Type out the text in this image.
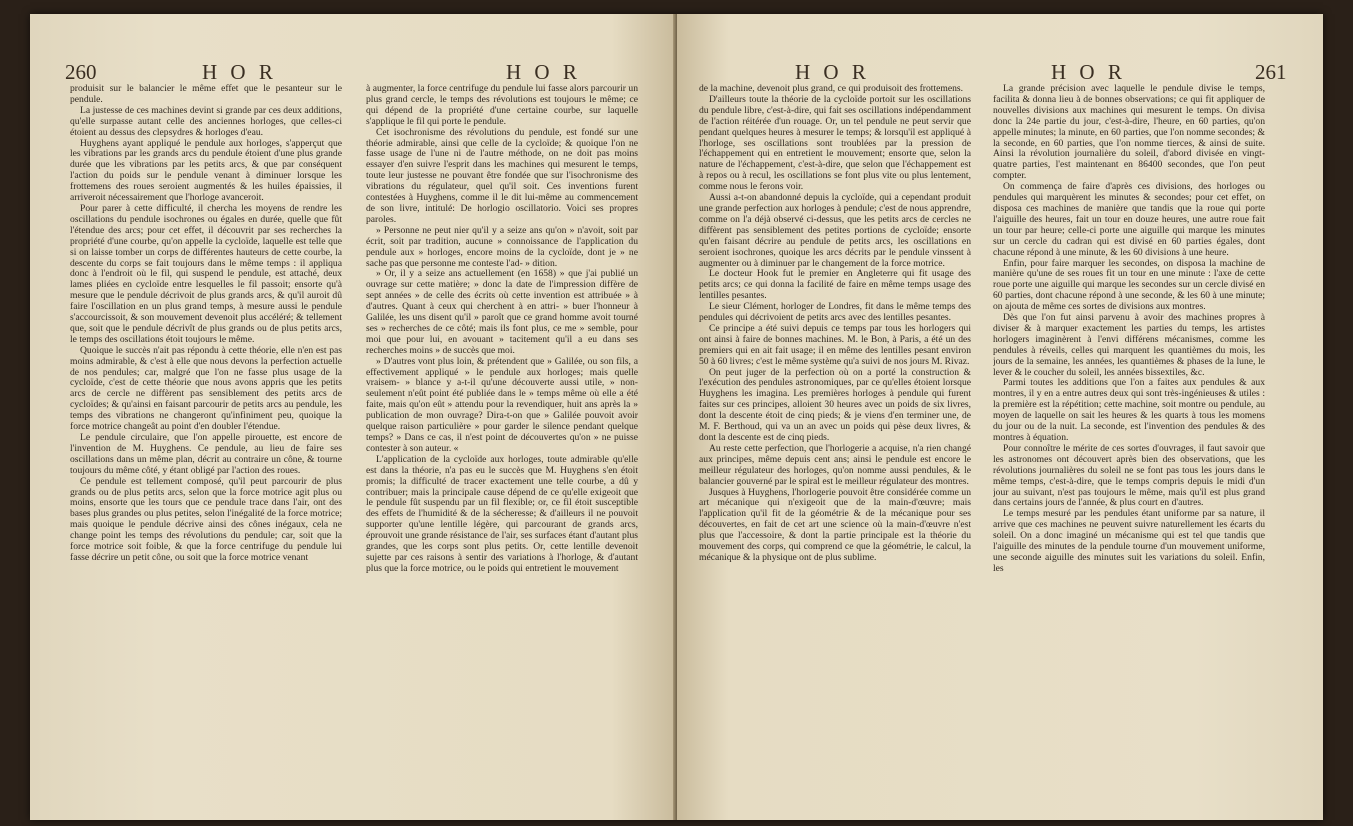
260	H O R	H O R

produisit sur le balancier le même effet que le pesanteur sur le pendule.

La justesse de ces machines devint si grande par ces deux additions, qu'elle surpasse autant celle des anciennes horloges, que celles-ci étoient au dessus des clepsydres & horloges d'eau.

Huyghens ayant appliqué le pendule aux horloges, s'apperçut que les vibrations par les grands arcs du pendule étoient d'une plus grande durée que les vibrations par les petits arcs, & que par conséquent l'action du poids sur le pendule venant à diminuer lorsque les frottemens des roues seroient augmentés & les huiles épaissies, il arriveroit nécessairement que l'horloge avanceroit.

Pour parer à cette difficulté, il chercha les moyens de rendre les oscillations du pendule isochrones ou égales en durée, quelle que fût l'étendue des arcs; pour cet effet, il découvrit par ses recherches la propriété d'une courbe, qu'on appelle la cycloïde, laquelle est telle que si on laisse tomber un corps de différentes hauteurs de cette courbe, la descente du corps se fait toujours dans le même temps : il appliqua donc à l'endroit où le fil, qui suspend le pendule, est attaché, deux lames pliées en cycloïde entre lesquelles le fil passoit; ensorte qu'à mesure que le pendule décrivoit de plus grands arcs, & qu'il auroit dû faire l'oscillation en un plus grand temps, à mesure aussi le pendule s'accourcissoit, & son mouvement devenoit plus accéléré; & tellement que, soit que le pendule décrivît de plus grands ou de plus petits arcs, le temps des oscillations étoit toujours le même.

Quoique le succès n'ait pas répondu à cette théorie, elle n'en est pas moins admirable, & c'est à elle que nous devons la perfection actuelle de nos pendules; car, malgré que l'on ne fasse plus usage de la cycloïde, c'est de cette théorie que nous avons appris que les petits arcs de cercle ne diffèrent pas sensiblement des petits arcs de cycloïdes; & qu'ainsi en faisant parcourir de petits arcs au pendule, les temps des vibrations ne changeront qu'infiniment peu, quoique la force motrice changeât au point d'en doubler l'étendue.

Le pendule circulaire, que l'on appelle pirouette, est encore de l'invention de M. Huyghens. Ce pendule, au lieu de faire ses oscillations dans un même plan, décrit au contraire un cône, & tourne toujours du même côté, y étant obligé par l'action des roues.

Ce pendule est tellement composé, qu'il peut parcourir de plus grands ou de plus petits arcs, selon que la force motrice agit plus ou moins, ensorte que les tours que ce pendule trace dans l'air, ont des bases plus grandes ou plus petites, selon l'inégalité de la force motrice; mais quoique le pendule décrive ainsi des cônes inégaux, cela ne change point les temps des révolutions du pendule; car, soit que la force motrice soit foible, & que la force centrifuge du pendule lui fasse décrire un petit cône, ou soit que la force motrice venant

à augmenter, la force centrifuge du pendule lui fasse alors parcourir un plus grand cercle, le temps des révolutions est toujours le même; ce qui dépend de la propriété d'une certaine courbe, sur laquelle s'applique le fil qui porte le pendule.

Cet isochronisme des révolutions du pendule, est fondé sur une théorie admirable, ainsi que celle de la cycloïde; & quoique l'on ne fasse usage de l'une ni de l'autre méthode, on ne doit pas moins essayer d'en suivre l'esprit dans les machines qui mesurent le temps, toute leur justesse ne pouvant être fondée que sur l'isochronisme des vibrations du régulateur, quel qu'il soit. Ces inventions furent contestées à Huyghens, comme il le dit lui-même au commencement de son livre, intitulé: De horlogio oscillatorio. Voici ses propres paroles.

» Personne ne peut nier qu'il y a seize ans qu'on » n'avoit, soit par écrit, soit par tradition, aucune » connoissance de l'application du pendule aux » horloges, encore moins de la cycloïde, dont je » ne sache pas que personne me conteste l'ad- » dition.

» Or, il y a seize ans actuellement (en 1658) » que j'ai publié un ouvrage sur cette matière; » donc la date de l'impression diffère de sept années » de celle des écrits où cette invention est attribuée » à d'autres. Quant à ceux qui cherchent à en attri- » buer l'honneur à Galilée, les uns disent qu'il » paroît que ce grand homme avoit tourné ses » recherches de ce côté; mais ils font plus, ce me » semble, pour moi que pour lui, en avouant » tacitement qu'il a eu dans ses recherches moins » de succès que moi.

» D'autres vont plus loin, & prétendent que » Galilée, ou son fils, a effectivement appliqué » le pendule aux horloges; mais quelle vraisem- » blance y a-t-il qu'une découverte aussi utile, » non-seulement n'eût point été publiée dans le » temps même où elle a été faite, mais qu'on eût » attendu pour la revendiquer, huit ans après la » publication de mon ouvrage? Dira-t-on que » Galilée pouvoit avoir quelque raison particulière » pour garder le silence pendant quelque temps? » Dans ce cas, il n'est point de découvertes qu'on » ne puisse contester à son auteur. «

L'application de la cycloïde aux horloges, toute admirable qu'elle est dans la théorie, n'a pas eu le succès que M. Huyghens s'en étoit promis; la difficulté de tracer exactement une telle courbe, a dû y contribuer; mais la principale cause dépend de ce qu'elle exigeoit que le pendule fût suspendu par un fil flexible; or, ce fil étoit susceptible des effets de l'humidité & de la sécheresse; & d'ailleurs il ne pouvoit supporter qu'une lentille légère, qui parcourant de grands arcs, éprouvoit une grande résistance de l'air, ses surfaces étant d'autant plus grandes, que les corps sont plus petits. Or, cette lentille devenoit sujette par ces raisons à sentir des variations à l'horloge, & d'autant plus que la force motrice, ou le poids qui entretient le mouvement

H O R	H O R	261

de la machine, devenoit plus grand, ce qui produisoit des frottemens.

D'ailleurs toute la théorie de la cycloïde portoit sur les oscillations du pendule libre, c'est-à-dire, qui fait ses oscillations indépendamment de l'action réitérée d'un rouage. Or, un tel pendule ne peut servir que pendant quelques heures à mesurer le temps; & lorsqu'il est appliqué à l'horloge, ses oscillations sont troublées par la pression de l'échappement qui en entretient le mouvement; ensorte que, selon la nature de l'échappement, c'est-à-dire, que selon que l'échappement est à repos ou à recul, les oscillations se font plus vite ou plus lentement, comme nous le ferons voir.

Aussi a-t-on abandonné depuis la cycloïde, qui a cependant produit une grande perfection aux horloges à pendule; c'est de nous apprendre, comme on l'a déjà observé ci-dessus, que les petits arcs de cercles ne diffèrent pas sensiblement des petites portions de cycloïde; ensorte qu'en faisant décrire au pendule de petits arcs, les oscillations en seroient isochrones, quoique les arcs décrits par le pendule vinssent à augmenter ou à diminuer par le changement de la force motrice.

Le docteur Hook fut le premier en Angleterre qui fit usage des petits arcs; ce qui donna la facilité de faire en même temps usage des lentilles pesantes.

Le sieur Clément, horloger de Londres, fit dans le même temps des pendules qui décrivoient de petits arcs avec des lentilles pesantes.

Ce principe a été suivi depuis ce temps par tous les horlogers qui ont ainsi à faire de bonnes machines. M. le Bon, à Paris, a été un des premiers qui en ait fait usage; il en même des lentilles pesant environ 50 à 60 livres; c'est le même système qu'a suivi de nos jours M. Rivaz.

On peut juger de la perfection où on a porté la construction & l'exécution des pendules astronomiques, par ce qu'elles étoient lorsque Huyghens les imagina. Les premières horloges à pendule qui furent faites sur ces principes, alloient 30 heures avec un poids de six livres, dont la descente étoit de cinq pieds; & je viens d'en terminer une, de M. F. Berthoud, qui va un an avec un poids qui pèse deux livres, & dont la descente est de cinq pieds.

Au reste cette perfection, que l'horlogerie a acquise, n'a rien changé aux principes, même depuis cent ans; ainsi le pendule est encore le meilleur régulateur des horloges, qu'on nomme aussi pendules, & le balancier gouverné par le spiral est le meilleur régulateur des montres.

Jusques à Huyghens, l'horlogerie pouvoit être considérée comme un art mécanique qui n'exigeoit que de la main-d'œuvre; mais l'application qu'il fit de la géométrie & de la mécanique pour ses découvertes, en fait de cet art une science où la main-d'œuvre n'est plus que l'accessoire, & dont la partie principale est la théorie du mouvement des corps, qui comprend ce que la géométrie, le calcul, la mécanique & la physique ont de plus sublime.

La grande précision avec laquelle le pendule divise le temps, facilita & donna lieu à de bonnes observations; ce qui fit appliquer de nouvelles divisions aux machines qui mesurent le temps. On divisa donc la 24e partie du jour, c'est-à-dire, l'heure, en 60 parties, qu'on appelle minutes; la minute, en 60 parties, que l'on nomme secondes; & la seconde, en 60 parties, que l'on nomme tierces, & ainsi de suite. Ainsi la révolution journalière du soleil, d'abord divisée en vingt-quatre parties, l'est maintenant en 86400 secondes, que l'on peut compter.

On commença de faire d'après ces divisions, des horloges ou pendules qui marquèrent les minutes & secondes; pour cet effet, on disposa ces machines de manière que tandis que la roue qui porte l'aiguille des heures, fait un tour en douze heures, une autre roue fait un tour par heure; celle-ci porte une aiguille qui marque les minutes sur un cercle du cadran qui est divisé en 60 parties égales, dont chacune répond à une minute, & les 60 divisions à une heure.

Enfin, pour faire marquer les secondes, on disposa la machine de manière qu'une de ses roues fit un tour en une minute : l'axe de cette roue porte une aiguille qui marque les secondes sur un cercle divisé en 60 parties, dont chacune répond à une seconde, & les 60 à une minute; on ajouta de même ces sortes de divisions aux montres.

Dès que l'on fut ainsi parvenu à avoir des machines propres à diviser & à marquer exactement les parties du temps, les artistes horlogers imaginèrent à l'envi différens mécanismes, comme les pendules à réveils, celles qui marquent les quantièmes du mois, les jours de la semaine, les années, les quantièmes & phases de la lune, le lever & le coucher du soleil, les années bissextiles, &c.

Parmi toutes les additions que l'on a faites aux pendules & aux montres, il y en a entre autres deux qui sont très-ingénieuses & utiles : la première est la répétition; cette machine, soit montre ou pendule, au moyen de laquelle on sait les heures & les quarts à tous les momens du jour ou de la nuit. La seconde, est l'invention des pendules & des montres à équation.

Pour connoître le mérite de ces sortes d'ouvrages, il faut savoir que les astronomes ont découvert après bien des observations, que les révolutions journalières du soleil ne se font pas tous les jours dans le même temps, c'est-à-dire, que le temps compris depuis le midi d'un jour au suivant, n'est pas toujours le même, mais qu'il est plus grand dans certains jours de l'année, & plus court en d'autres.

Le temps mesuré par les pendules étant uniforme par sa nature, il arrive que ces machines ne peuvent suivre naturellement les écarts du soleil. On a donc imaginé un mécanisme qui est tel que tandis que l'aiguille des minutes de la pendule tourne d'un mouvement uniforme, une seconde aiguille des minutes suit les variations du soleil. Enfin, les
